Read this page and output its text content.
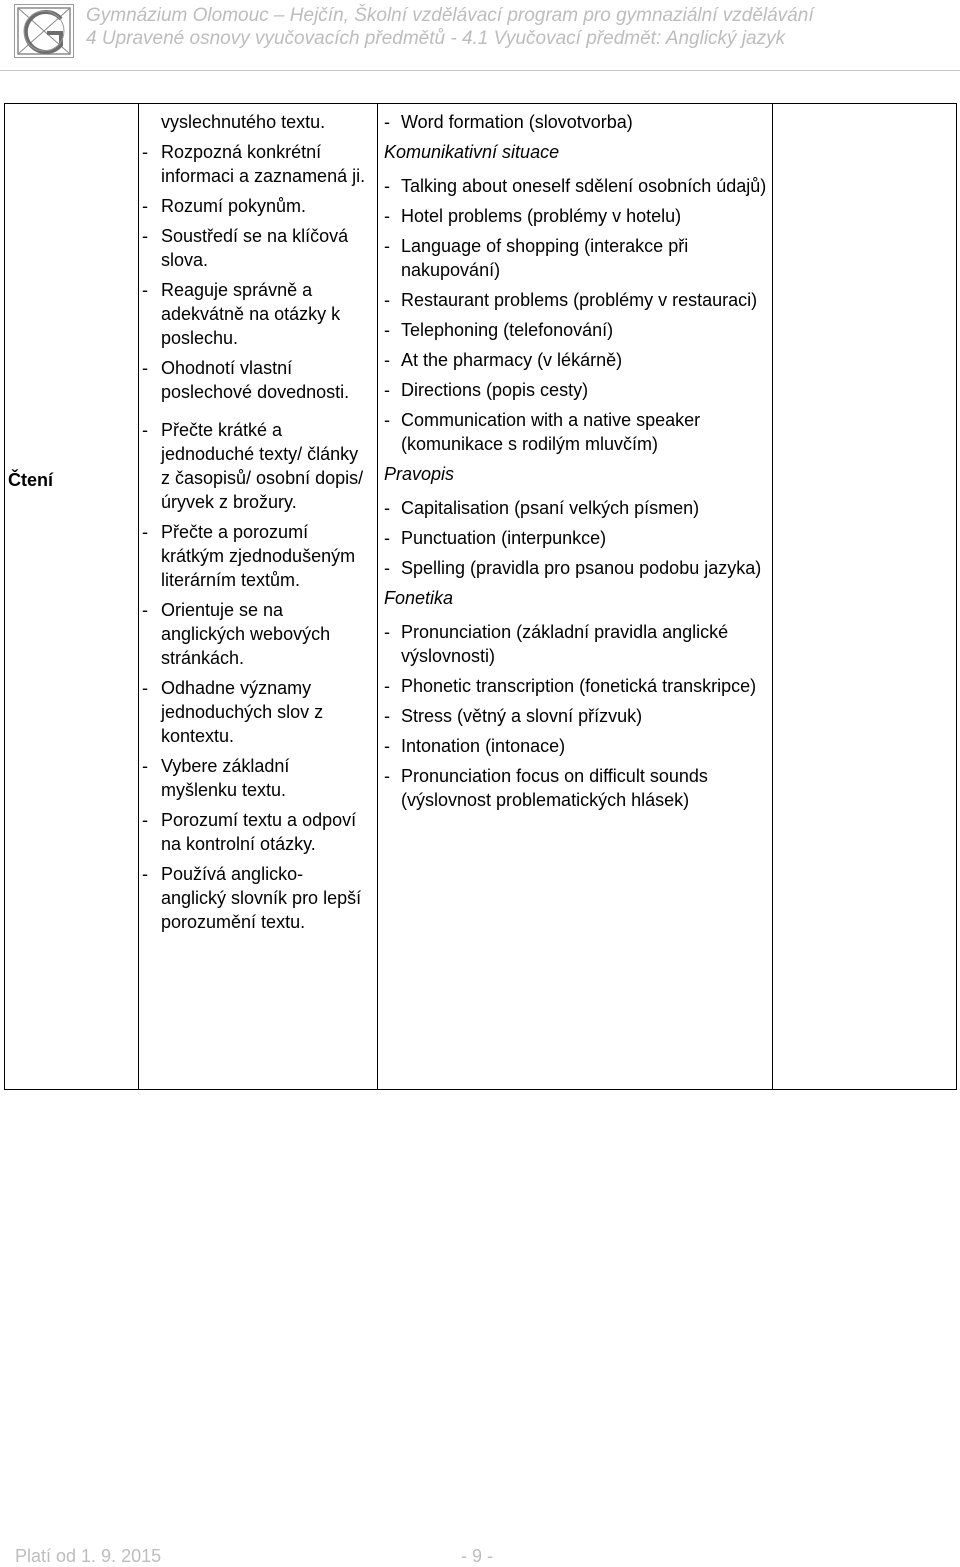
Gymnázium Olomouc – Hejčín, Školní vzdělávací program pro gymnaziální vzdělávání
4 Upravené osnovy vyučovacích předmětů - 4.1 Vyučovací předmět: Anglický jazyk
Čtení
vyslechnutého textu.
- Rozpozná konkrétní informaci a zaznamená ji.
- Rozumí pokynům.
- Soustředí se na klíčová slova.
- Reaguje správně a adekvátně na otázky k poslechu.
- Ohodnotí vlastní poslechové dovednosti.
- Přečte krátké a jednoduché texty/ články z časopisů/ osobní dopis/ úryvek z brožury.
- Přečte a porozumí krátkým zjednodušeným literárním textům.
- Orientuje se na anglických webových stránkách.
- Odhadne významy jednoduchých slov z kontextu.
- Vybere základní myšlenku textu.
- Porozumí textu a odpoví na kontrolní otázky.
- Používá anglicko-anglický slovník pro lepší porozumění textu.
- Word formation (slovotvorba)
Komunikativní situace
- Talking about oneself sdělení osobních údajů)
- Hotel problems (problémy v hotelu)
- Language of shopping (interakce při nakupování)
- Restaurant problems (problémy v restauraci)
- Telephoning (telefonování)
- At the pharmacy (v lékárně)
- Directions (popis cesty)
- Communication with a native speaker (komunikace s rodilým mluvčím)
Pravopis
- Capitalisation (psaní velkých písmen)
- Punctuation (interpunkce)
- Spelling (pravidla pro psanou podobu jazyka)
Fonetika
- Pronunciation (základní pravidla anglické výslovnosti)
- Phonetic transcription (fonetická transkripce)
- Stress (větný a slovní přízvuk)
- Intonation (intonace)
- Pronunciation focus on difficult sounds (výslovnost problematických hlásek)
Platí od 1. 9. 2015	- 9 -
